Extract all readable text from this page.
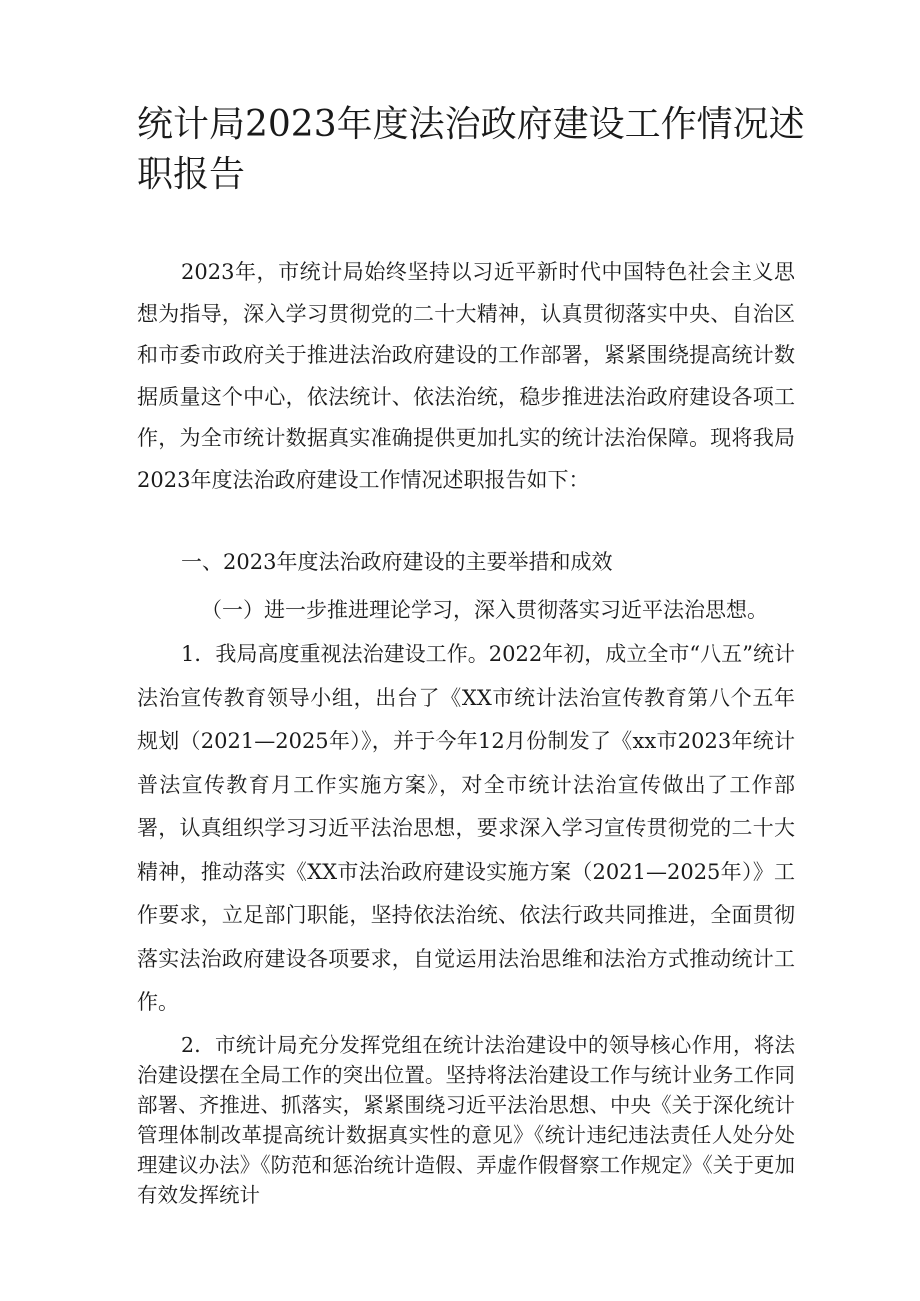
统计局2023年度法治政府建设工作情况述职报告

2023年，市统计局始终坚持以习近平新时代中国特色社会主义思想为指导，深入学习贯彻党的二十大精神，认真贯彻落实中央、自治区和市委市政府关于推进法治政府建设的工作部署，紧紧围绕提高统计数据质量这个中心，依法统计、依法治统，稳步推进法治政府建设各项工作，为全市统计数据真实准确提供更加扎实的统计法治保障。现将我局2023年度法治政府建设工作情况述职报告如下：

一、2023年度法治政府建设的主要举措和成效

（一）进一步推进理论学习，深入贯彻落实习近平法治思想。

1．我局高度重视法治建设工作。2022年初，成立全市“八五”统计法治宣传教育领导小组，出台了《XX市统计法治宣传教育第八个五年规划（2021—2025年）》，并于今年12月份制发了《xx市2023年统计普法宣传教育月工作实施方案》，对全市统计法治宣传做出了工作部署，认真组织学习习近平法治思想，要求深入学习宣传贯彻党的二十大精神，推动落实《XX市法治政府建设实施方案（2021—2025年）》工作要求，立足部门职能，坚持依法治统、依法行政共同推进，全面贯彻落实法治政府建设各项要求，自觉运用法治思维和法治方式推动统计工作。

2．市统计局充分发挥党组在统计法治建设中的领导核心作用，将法治建设摆在全局工作的突出位置。坚持将法治建设工作与统计业务工作同部署、齐推进、抓落实，紧紧围绕习近平法治思想、中央《关于深化统计管理体制改革提高统计数据真实性的意见》《统计违纪违法责任人处分处理建议办法》《防范和惩治统计造假、弄虚作假督察工作规定》《关于更加有效发挥统计
